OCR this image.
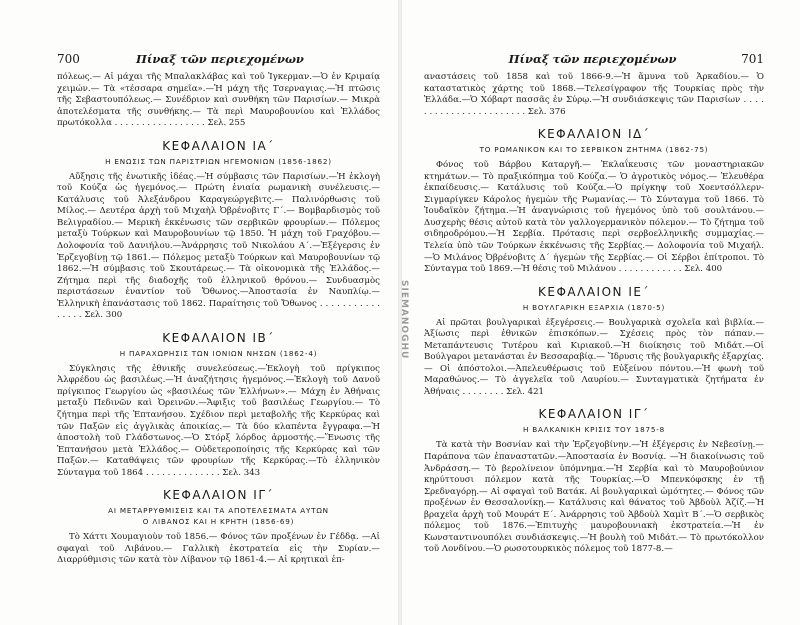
700	Πίναξ τῶν περιεχομένων

πόλεως.— Αἱ μάχαι τῆς Μπαλακλάβας καὶ τοῦ Ἰγκερμαν.—Ὁ ἐν Κριμαίᾳ χειμών.— Τὰ «τέσσαρα σημεῖα».—Ἡ μάχη τῆς Τσερναγιας.—Ἡ πτῶσις τῆς Σεβαστουπόλεως.— Συνέδριον καὶ συνθήκη τῶν Παρισίων.— Μικρὰ ἀποτελέσματα τῆς συνθήκης.— Τὰ περὶ Μαυροβουνίου καὶ Ἑλλάδος πρωτόκολλα . . . . . . . . . . . . . . . . . Σελ. 255

ΚΕΦΑΛΑΙΟΝ ΙΑ΄
Η ΕΝΩΣΙΣ ΤΩΝ ΠΑΡΙΣΤΡΙΩΝ ΗΓΕΜΟΝΙΩΝ (1856-1862)

Αὔξησις τῆς ἐνωτικῆς ἰδέας.—Ἡ σύμβασις τῶν Παρισίων.—Ἡ ἐκλογὴ τοῦ Κούζα ὡς ἡγεμόνος.— Πρώτη ἑνιαία ρωμανικὴ συνέλευσις.— Κατάλυσις τοῦ Ἀλεξάνδρου Καραγεώργεβιτς.— Παλινόρθωσις τοῦ Μίλος.— Δευτέρα ἀρχὴ τοῦ Μιχαὴλ Ὀβρένοβιτς Γ΄.— Βομβαρδισμὸς τοῦ Βελιγραδίου.— Μερικὴ ἐκκένωσις τῶν σερβικῶν φρουρίων.— Πόλεμος μεταξὺ Τούρκων καὶ Μαυροβουνίων τῷ 1850. Ἡ μάχη τοῦ Γραχόβου.— Δολοφονία τοῦ Δανιήλου.—Ἀνάρρησις τοῦ Νικολάου Α΄.—Ἐξέγερσις ἐν Ἐρζεγοβίνῃ τῷ 1861.— Πόλεμος μεταξὺ Τούρκων καὶ Μαυροβουνίων τῷ 1862.—Ἡ σύμβασις τοῦ Σκουτάρεως.— Τὰ οἰκονομικὰ τῆς Ἑλλάδος.— Ζήτημα περὶ τῆς διαδοχῆς τοῦ ἑλληνικοῦ θρόνου.— Συνδυασμὸς περιστάσεων ἐναντίον τοῦ Ὄθωνος.—Ἀποστασία ἐν Ναυπλίῳ.—Ἑλληνικὴ ἐπανάστασις τοῦ 1862. Παραίτησις τοῦ Ὄθωνος . . . . . . . . . . . . . . . . Σελ. 300

ΚΕΦΑΛΑΙΟΝ ΙΒ΄
Η ΠΑΡΑΧΩΡΗΣΙΣ ΤΩΝ ΙΟΝΙΩΝ ΝΗΣΩΝ (1862-4)

Σύγκλησις τῆς ἐθνικῆς συνελεύσεως.—Ἐκλογὴ τοῦ πρίγκιπος Ἀλφρέδου ὡς βασιλέως.—Ἡ ἀναζήτησις ἡγεμόνος.—Ἐκλογὴ τοῦ Δανοῦ πρίγκιπος Γεωργίου ὡς «βασιλέως τῶν Ἑλλήνων».— Μάχη ἐν Ἀθήναις μεταξὺ Πεδινῶν καὶ Ὀρεινῶν.—Ἄφιξις τοῦ βασιλέως Γεωργίου.— Τὸ ζήτημα περὶ τῆς Ἑπτανήσου. Σχέδιον περὶ μεταβολῆς τῆς Κερκύρας καὶ τῶν Παξῶν εἰς ἀγγλικὰς ἀποικίας.— Τὰ δύο κλαπέντα ἔγγραφα.—Ἡ ἀποστολὴ τοῦ Γλάδστωνος.—Ὁ Στόρξ λόρδος ἁρμοστής.—Ἕνωσις τῆς Ἑπτανήσου μετὰ Ἑλλάδος.— Οὐδετεροποίησις τῆς Κερκύρας καὶ τῶν Παξῶν.— Καταθάψεις τῶν φρουρίων τῆς Κερκύρας.—Τὸ ἑλληνικὸν Σύνταγμα τοῦ 1864 . . . . . . . . . . . . . . Σελ. 343

ΚΕΦΑΛΑΙΟΝ ΙΓ΄
ΑΙ ΜΕΤΑΡΡΥΘΜΙΣΕΙΣ ΚΑΙ ΤΑ ΑΠΟΤΕΛΕΣΜΑΤΑ ΑΥΤΩΝ
Ο ΛΙΒΑΝΟΣ ΚΑΙ Η ΚΡΗΤΗ (1856-69)

Τὸ Χάττι Χουμαγιοὺν τοῦ 1856.— Φόνος τῶν προξένων ἐν Γέδδᾳ. —Αἱ σφαγαὶ τοῦ Λιβάνου.— Γαλλικὴ ἐκστρατεία εἰς τὴν Συρίαν.— Διαρρύθμισις τῶν κατὰ τὸν Λίβανον τῷ 1861-4.— Αἱ κρητικαὶ ἐπ-

SIEMANOGHU
Πίναξ τῶν περιεχομένων	701

αναστάσεις τοῦ 1858 καὶ τοῦ 1866-9.—Ἡ ἅμυνα τοῦ Ἀρκαδίου.— Ὁ καταστατικὸς χάρτης τοῦ 1868.—Τελεσίγραφον τῆς Τουρκίας πρὸς τὴν Ἑλλάδα.—Ὁ Χόβαρτ πασσᾶς ἐν Σύρῳ.—Ἡ συνδιάσκεψις τῶν Παρισίων . . . . . . . . . . . . . . . . . . . . . . . Σελ. 376

ΚΕΦΑΛΑΙΟΝ ΙΔ΄
ΤΟ ΡΩΜΑΝΙΚΟΝ ΚΑΙ ΤΟ ΣΕΡΒΙΚΟΝ ΖΗΤΗΜΑ (1862-75)

Φόνος τοῦ Βάρβου Καταργῆ.— Ἐκλαΐκευσις τῶν μοναστηριακῶν κτημάτων.— Τὸ πραξικόπημα τοῦ Κούζα.— Ὁ ἀγροτικὸς νόμος.— Ἐλευθέρα ἐκπαίδευσις.— Κατάλυσις τοῦ Κούζα.—Ὁ πρίγκηψ τοῦ Χοεντσόλλερν-Σιγμαρίγκεν Κάρολος ἡγεμὼν τῆς Ρωμανίας.— Τὸ Σύνταγμα τοῦ 1866. Τὸ Ἰουδαϊκὸν ζήτημα.—Ἡ ἀναγνώρισις τοῦ ἡγεμόνος ὑπὸ τοῦ σουλτάνου.— Δυσχερὴς θέσις αὐτοῦ κατὰ τὸν γαλλογερμανικὸν πόλεμον.— Τὸ ζήτημα τοῦ σιδηροδρόμου.—Ἡ Σερβία. Πρότασις περὶ σερβοελληνικῆς συμμαχίας.— Τελεία ὑπὸ τῶν Τούρκων ἐκκένωσις τῆς Σερβίας.— Δολοφονία τοῦ Μιχαήλ.—Ὁ Μιλάνος Ὀβρένοβιτς Δ΄ ἡγεμὼν τῆς Σερβίας.— Οἱ Σέρβοι ἐπίτροποι. Τὸ Σύνταγμα τοῦ 1869.—Ἡ θέσις τοῦ Μιλάνου . . . . . . . . . . . . Σελ. 400

ΚΕΦΑΛΑΙΟΝ ΙΕ΄
Η ΒΟΥΛΓΑΡΙΚΗ ΕΞΑΡΧΙΑ (1870-5)

Αἱ πρῶται βουλγαρικαὶ ἐξεγέρσεις.— Βουλγαρικὰ σχολεῖα καὶ βιβλία.—Ἀξίωσις περὶ ἐθνικῶν ἐπισκόπων.— Σχέσεις πρὸς τὸν πάπαν.— Μεταπάντευσις Τυτέρου καὶ Κιριακοῦ.—Ἡ διοίκησις τοῦ Μιδάτ.—Οἱ Βούλγαροι μετανάσται ἐν Βεσσαραβίᾳ.— Ἵδρυσις τῆς βουλγαρικῆς ἐξαρχίας.— Οἱ ἀπόστολοι.—Ἀπελευθέρωσις τοῦ Εὐξείνου πόντου.—Ἡ φωνὴ τοῦ Μαραθώνος.— Τὸ ἀγγελεῖα τοῦ Λαυρίου.— Συνταγματικὰ ζητήματα ἐν Ἀθήναις . . . . . . . . Σελ. 421

ΚΕΦΑΛΑΙΟΝ ΙΓ΄
Η ΒΑΛΚΑΝΙΚΗ ΚΡΙΣΙΣ ΤΟΥ 1875-8

Τὰ κατὰ τὴν Βοσνίαν καὶ τὴν Ἐρζεγοβίνην.—Ἡ ἐξέγερσις ἐν Νεβεσίνῃ.— Παράπονα τῶν ἐπαναστατῶν.—Ἀποστασία ἐν Βοσνίᾳ. —Ἡ διακοίνωσις τοῦ Ἀνδράσση.— Τὸ βερολίνειον ὑπόμνημα.—Ἡ Σερβία καὶ τὸ Μαυροβούνιον κηρύττουσι πόλεμον κατὰ τῆς Τουρκίας.—Ὁ Μπενκόφσκης ἐν τῇ Σρεδναγόρῃ.— Αἱ σφαγαὶ τοῦ Βατάκ. Αἱ βουλγαρικαὶ ὠμότητες.— Φόνος τῶν προξένων ἐν Θεσσαλονίκῃ.— Κατάλυσις καὶ θάνατος τοῦ Ἀβδοὺλ Ἀζίζ.—Ἡ βραχεῖα ἀρχὴ τοῦ Μουράτ Ε΄. Ἀνάρρησις τοῦ Ἀβδοὺλ Χαμὶτ Β΄.—Ὁ σερβικὸς πόλεμος τοῦ 1876.—Ἐπιτυχὴς μαυροβουνιακὴ ἐκστρατεία.—Ἡ ἐν Κωνσταντινουπόλει συνδιάσκεψις.—Ἡ βουλὴ τοῦ Μιδάτ.— Τὸ πρωτόκολλον τοῦ Λονδίνου.—Ὁ ρωσοτουρκικὸς πόλεμος τοῦ 1877-8.—
